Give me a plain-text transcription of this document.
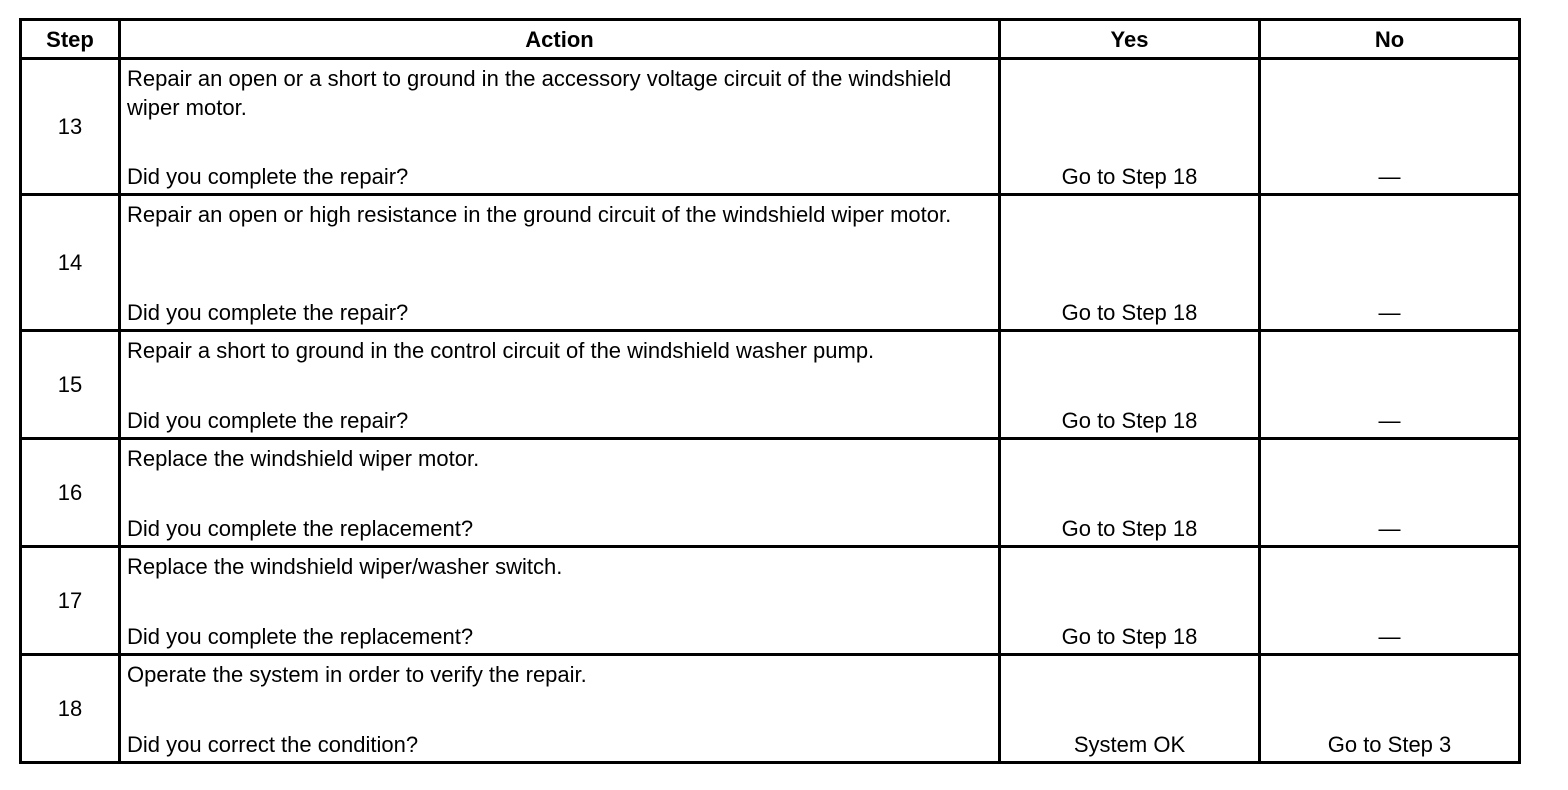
Step	Action	Yes	No
13	Repair an open or a short to ground in the accessory voltage circuit of the windshield wiper motor.
Did you complete the repair?	Go to Step 18	—
14	Repair an open or high resistance in the ground circuit of the windshield wiper motor.
Did you complete the repair?	Go to Step 18	—
15	Repair a short to ground in the control circuit of the windshield washer pump.
Did you complete the repair?	Go to Step 18	—
16	Replace the windshield wiper motor.
Did you complete the replacement?	Go to Step 18	—
17	Replace the windshield wiper/washer switch.
Did you complete the replacement?	Go to Step 18	—
18	Operate the system in order to verify the repair.
Did you correct the condition?	System OK	Go to Step 3
